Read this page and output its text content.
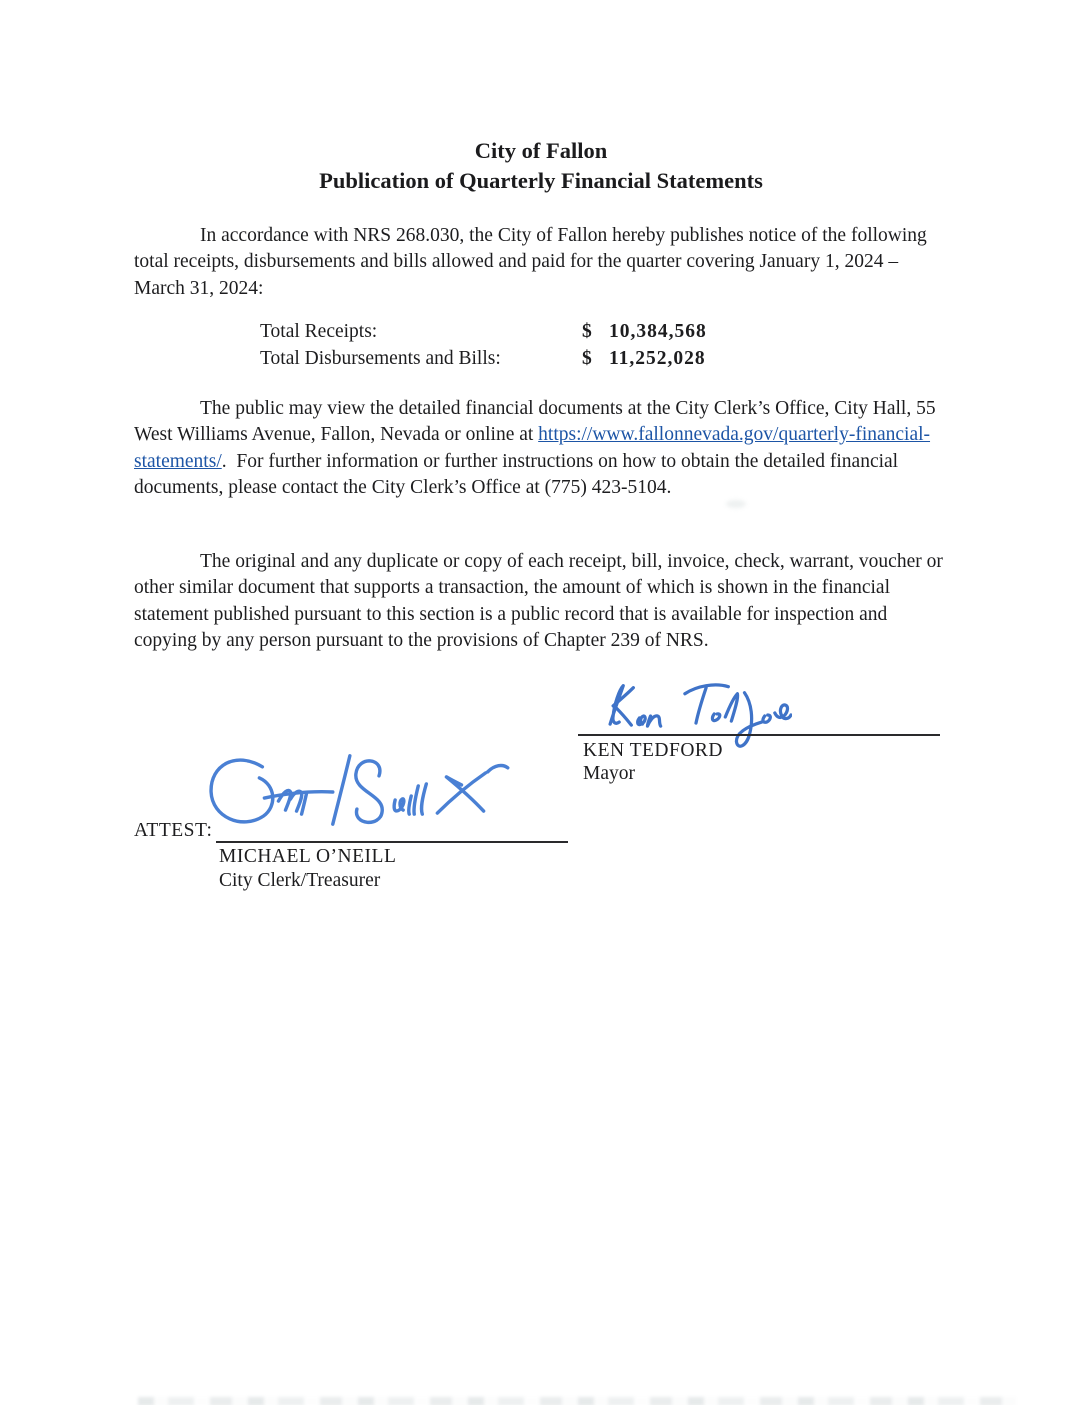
City of Fallon
Publication of Quarterly Financial Statements

In accordance with NRS 268.030, the City of Fallon hereby publishes notice of the following total receipts, disbursements and bills allowed and paid for the quarter covering January 1, 2024 – March 31, 2024:

Total Receipts:	$ 10,384,568
Total Disbursements and Bills:	$ 11,252,028

The public may view the detailed financial documents at the City Clerk’s Office, City Hall, 55 West Williams Avenue, Fallon, Nevada or online at https://www.fallonnevada.gov/quarterly-financial-statements/.  For further information or further instructions on how to obtain the detailed financial documents, please contact the City Clerk’s Office at (775) 423-5104.

The original and any duplicate or copy of each receipt, bill, invoice, check, warrant, voucher or other similar document that supports a transaction, the amount of which is shown in the financial statement published pursuant to this section is a public record that is available for inspection and copying by any person pursuant to the provisions of Chapter 239 of NRS.

KEN TEDFORD
Mayor
ATTEST:
MICHAEL O’NEILL
City Clerk/Treasurer
